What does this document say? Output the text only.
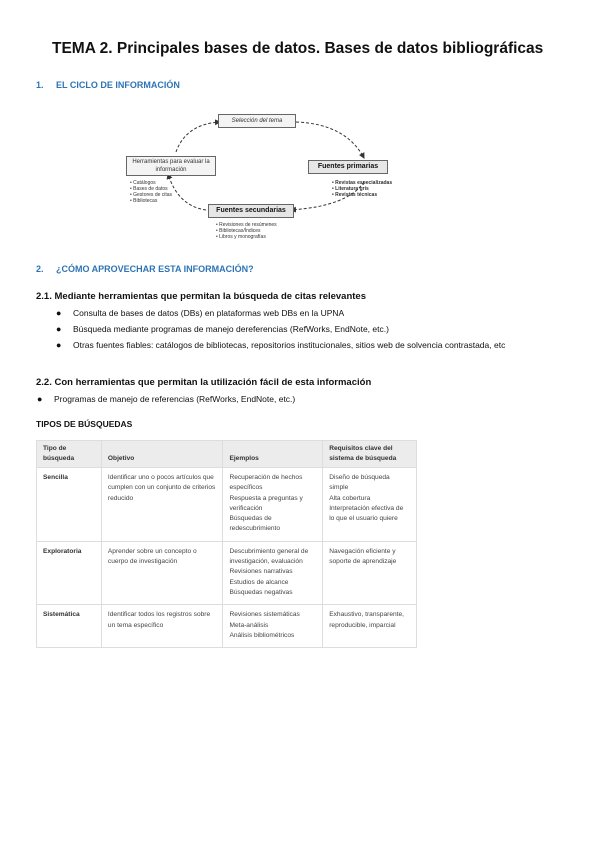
TEMA 2. Principales bases de datos. Bases de datos bibliográficas
1. EL CICLO DE INFORMACIÓN
Selección del tema
Herramientas para evaluar la información
• Catálogos
• Bases de datos
• Gestores de citas
• Bibliotecas
Fuentes primarias
• Revistas especializadas
• Literatura gris
• Revistas técnicas
Fuentes secundarias
• Revisiones de resúmenes
• Bibliotecas/Índices
• Libros y monografías
2. ¿CÓMO APROVECHAR ESTA INFORMACIÓN?
2.1. Mediante herramientas que permitan la búsqueda de citas relevantes
● Consulta de bases de datos (DBs) en plataformas web DBs en la UPNA
● Búsqueda mediante programas de manejo dereferencias (RefWorks, EndNote, etc.)
● Otras fuentes fiables: catálogos de bibliotecas, repositorios institucionales, sitios web de solvencia contrastada, etc
2.2. Con herramientas que permitan la utilización fácil de esta información
● Programas de manejo de referencias (RefWorks, EndNote, etc.)
TIPOS DE BÚSQUEDAS
Tipo de búsqueda	Objetivo	Ejemplos	Requisitos clave del sistema de búsqueda
Sencilla	Identificar uno o pocos artículos que cumplen con un conjunto de criterios reducido	Recuperación de hechos específicos
Respuesta a preguntas y verificación
Búsquedas de redescubrimiento	Diseño de búsqueda simple
Alta cobertura
Interpretación efectiva de lo que el usuario quiere
Exploratoria	Aprender sobre un concepto o cuerpo de investigación	Descubrimiento general de investigación, evaluación
Revisiones narrativas
Estudios de alcance
Búsquedas negativas	Navegación eficiente y soporte de aprendizaje
Sistemática	Identificar todos los registros sobre un tema específico	Revisiones sistemáticas
Meta-análisis
Análisis bibliométricos	Exhaustivo, transparente, reproducible, imparcial
